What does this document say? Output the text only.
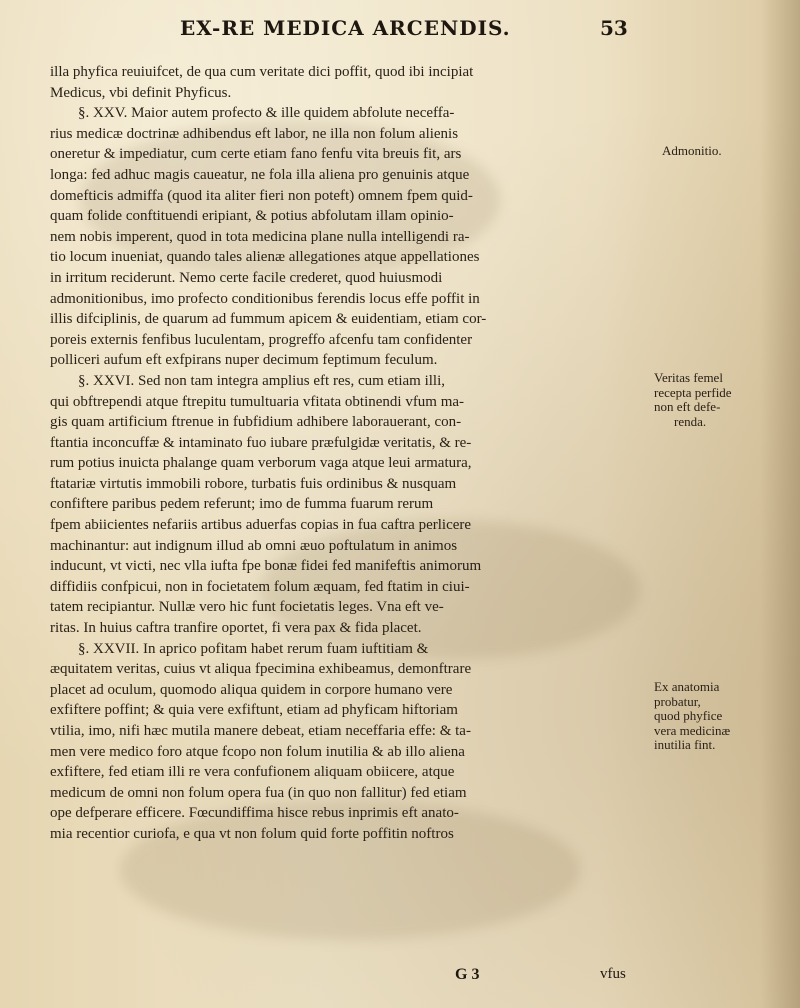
EX-RE MEDICA ARCENDIS.	53
illa phyfica reuiuifcet, de qua cum veritate dici poffit, quod ibi incipiat
Medicus, vbi definit Phyficus.
§. XXV. Maior autem profecto & ille quidem abfolute neceffa-
rius medicæ doctrinæ adhibendus eft labor, ne illa non folum alienis
oneretur & impediatur, cum certe etiam fano fenfu vita breuis fit, ars
longa: fed adhuc magis caueatur, ne fola illa aliena pro genuinis atque
domefticis admiffa (quod ita aliter fieri non poteft) omnem fpem quid-
quam folide conftituendi eripiant, & potius abfolutam illam opinio-
nem nobis imperent, quod in tota medicina plane nulla intelligendi ra-
tio locum inueniat, quando tales alienæ allegationes atque appellationes
in irritum reciderunt. Nemo certe facile crederet, quod huiusmodi
admonitionibus, imo profecto conditionibus ferendis locus effe poffit in
illis difciplinis, de quarum ad fummum apicem & euidentiam, etiam cor-
poreis externis fenfibus luculentam, progreffo afcenfu tam confidenter
polliceri aufum eft exfpirans nuper decimum feptimum feculum.
§. XXVI. Sed non tam integra amplius eft res, cum etiam illi,
qui obftrependi atque ftrepitu tumultuaria vfitata obtinendi vfum ma-
gis quam artificium ftrenue in fubfidium adhibere laborauerant, con-
ftantia inconcuffæ & intaminato fuo iubare præfulgidæ veritatis, & re-
rum potius inuicta phalange quam verborum vaga atque leui armatura,
ftatariæ virtutis immobili robore, turbatis fuis ordinibus & nusquam
confiftere paribus pedem referunt; imo de fumma fuarum rerum
fpem abiicientes nefariis artibus aduerfas copias in fua caftra perlicere
machinantur: aut indignum illud ab omni æuo poftulatum in animos
inducunt, vt victi, nec vlla iufta fpe bonæ fidei fed manifeftis animorum
diffidiis confpicui, non in focietatem folum æquam, fed ftatim in ciui-
tatem recipiantur. Nullæ vero hic funt focietatis leges. Vna eft ve-
ritas. In huius caftra tranfire oportet, fi vera pax & fida placet.
§. XXVII. In aprico pofitam habet rerum fuam iuftitiam &
æquitatem veritas, cuius vt aliqua fpecimina exhibeamus, demonftrare
placet ad oculum, quomodo aliqua quidem in corpore humano vere
exfiftere poffint; & quia vere exfiftunt, etiam ad phyficam hiftoriam
vtilia, imo, nifi hæc mutila manere debeat, etiam neceffaria effe: & ta-
men vere medico foro atque fcopo non folum inutilia & ab illo aliena
exfiftere, fed etiam illi re vera confufionem aliquam obiicere, atque
medicum de omni non folum opera fua (in quo non fallitur) fed etiam
ope defperare efficere. Fœcundiffima hisce rebus inprimis eft anato-
mia recentior curiofa, e qua vt non folum quid forte poffitin noftros
Admonitio.
Veritas femel
recepta perfide
non eft defe-
renda.
Ex anatomia
probatur,
quod phyfice
vera medicinæ
inutilia fint.
G 3	vfus
